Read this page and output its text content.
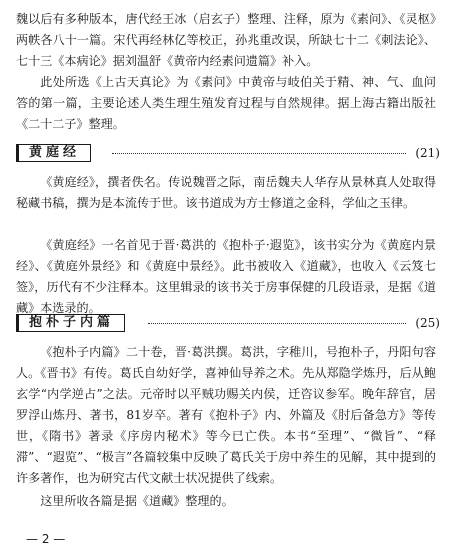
魏以后有多种版本，唐代经王冰（启玄子）整理、注释，原为《素问》、《灵枢》两帙各八十一篇。宋代再经林亿等校正，孙兆重改误，所缺七十二《刺法论》、七十三《本病论》据刘温舒《黄帝内经素问遗篇》补入。

此处所选《上古天真论》为《素问》中黄帝与岐伯关于精、神、气、血问答的第一篇，主要论述人类生理生殖发育过程与自然规律。据上海古籍出版社《二十二子》整理。

黄庭经	(21)

《黄庭经》，撰者佚名。传说魏晋之际，南岳魏夫人华存从景林真人处取得秘藏书稿，撰为是本流传于世。该书道成为方士修道之金科，学仙之玉律。

《黄庭经》一名首见于晋·葛洪的《抱朴子·遐览》，该书实分为《黄庭内景经》、《黄庭外景经》和《黄庭中景经》。此书被收入《道藏》，也收入《云笈七签》，历代有不少注释本。这里辑录的该书关于房事保健的几段语录，是据《道藏》本选录的。

抱朴子内篇	(25)

《抱朴子内篇》二十卷，晋·葛洪撰。葛洪，字稚川，号抱朴子，丹阳句容人。《晋书》有传。葛氏自幼好学，喜神仙导养之术。先从郑隐学炼丹，后从鲍玄学“内学逆占”之法。元帝时以平贼功赐关内侯，迁咨议参军。晚年辞官，居罗浮山炼丹、著书，81岁卒。著有《抱朴子》内、外篇及《肘后备急方》等传世，《隋书》著录《序房内秘术》等今已亡佚。本书“至理”、“微旨”、“释滞”、“遐览”、“极言”各篇较集中反映了葛氏关于房中养生的见解，其中提到的许多著作，也为研究古代文献士状况提供了线索。

这里所收各篇是据《道藏》整理的。

— 2 —
